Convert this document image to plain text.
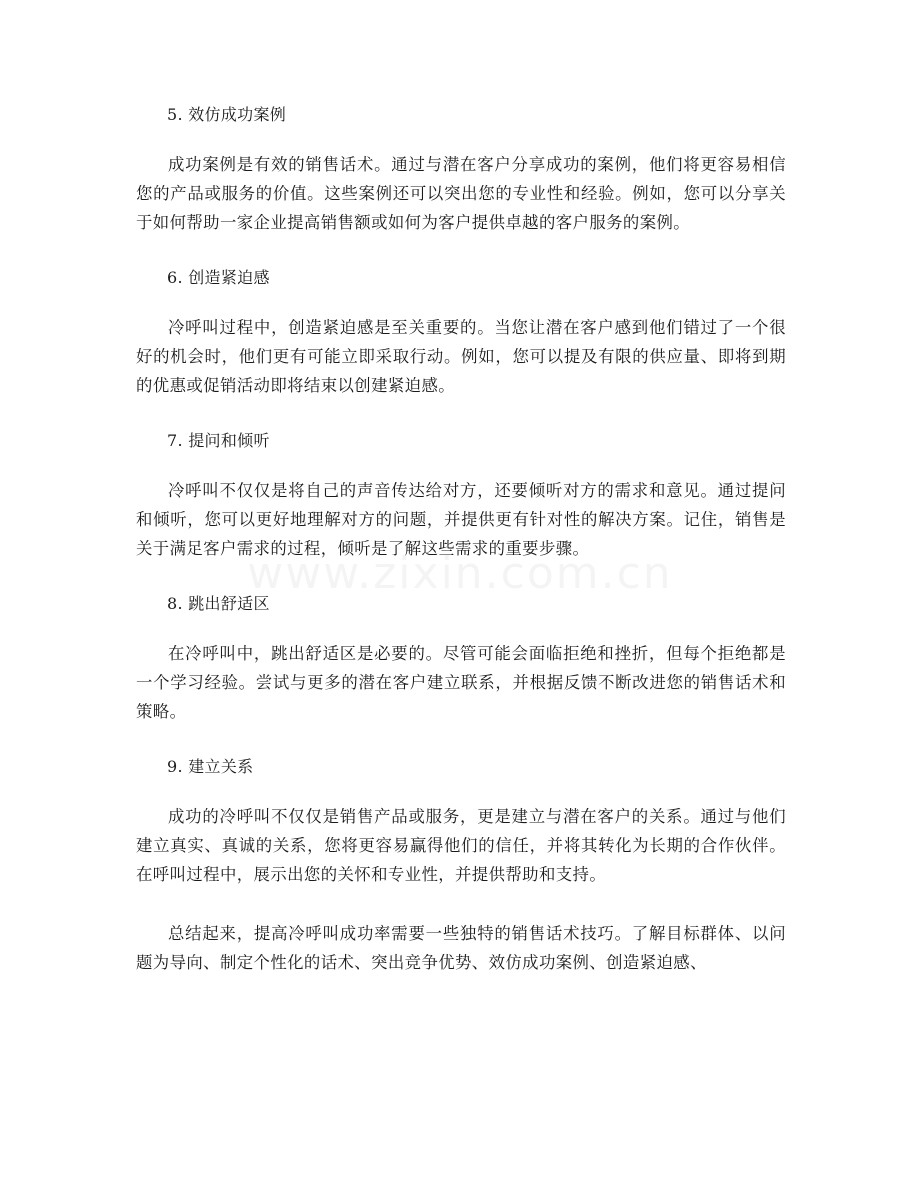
5. 效仿成功案例

成功案例是有效的销售话术。通过与潜在客户分享成功的案例，他们将更容易相信您的产品或服务的价值。这些案例还可以突出您的专业性和经验。例如，您可以分享关于如何帮助一家企业提高销售额或如何为客户提供卓越的客户服务的案例。

6. 创造紧迫感

冷呼叫过程中，创造紧迫感是至关重要的。当您让潜在客户感到他们错过了一个很好的机会时，他们更有可能立即采取行动。例如，您可以提及有限的供应量、即将到期的优惠或促销活动即将结束以创建紧迫感。

7. 提问和倾听

冷呼叫不仅仅是将自己的声音传达给对方，还要倾听对方的需求和意见。通过提问和倾听，您可以更好地理解对方的问题，并提供更有针对性的解决方案。记住，销售是关于满足客户需求的过程，倾听是了解这些需求的重要步骤。

8. 跳出舒适区

在冷呼叫中，跳出舒适区是必要的。尽管可能会面临拒绝和挫折，但每个拒绝都是一个学习经验。尝试与更多的潜在客户建立联系，并根据反馈不断改进您的销售话术和策略。

9. 建立关系

成功的冷呼叫不仅仅是销售产品或服务，更是建立与潜在客户的关系。通过与他们建立真实、真诚的关系，您将更容易赢得他们的信任，并将其转化为长期的合作伙伴。在呼叫过程中，展示出您的关怀和专业性，并提供帮助和支持。

总结起来，提高冷呼叫成功率需要一些独特的销售话术技巧。了解目标群体、以问题为导向、制定个性化的话术、突出竞争优势、效仿成功案例、创造紧迫感、
